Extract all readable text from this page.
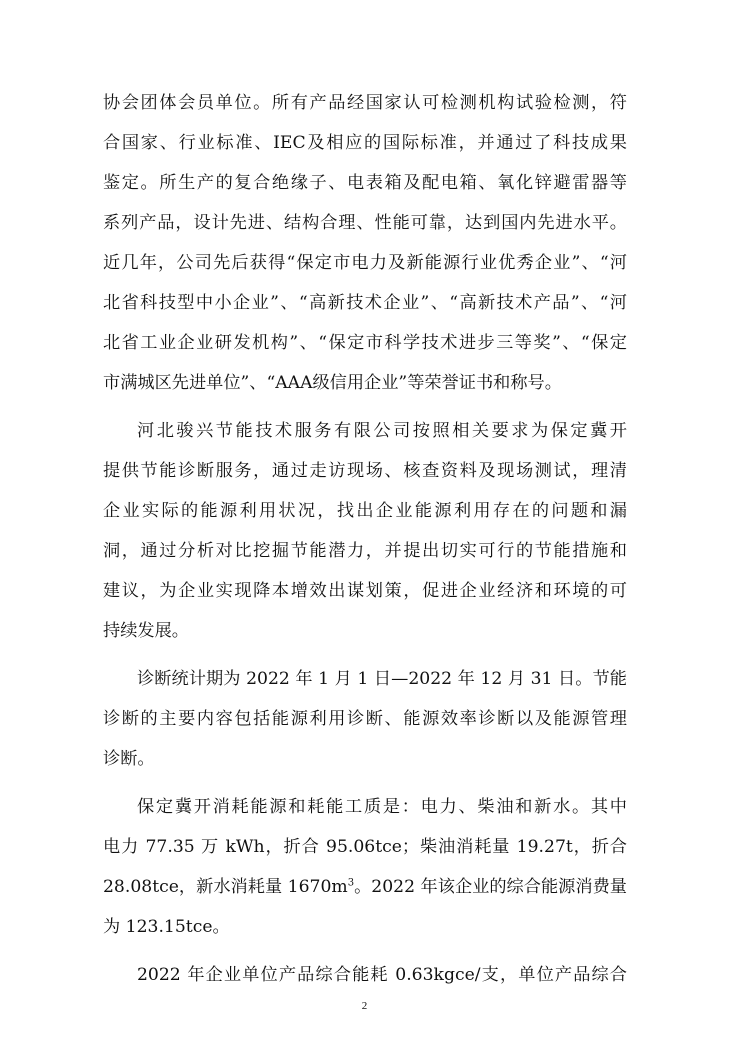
协会团体会员单位。所有产品经国家认可检测机构试验检测，符
合国家、行业标准、IEC及相应的国际标准，并通过了科技成果
鉴定。所生产的复合绝缘子、电表箱及配电箱、氧化锌避雷器等
系列产品，设计先进、结构合理、性能可靠，达到国内先进水平。
近几年，公司先后获得“保定市电力及新能源行业优秀企业”、“河
北省科技型中小企业”、“高新技术企业”、“高新技术产品”、“河
北省工业企业研发机构”、“保定市科学技术进步三等奖”、“保定
市满城区先进单位”、“AAA级信用企业”等荣誉证书和称号。
河北骏兴节能技术服务有限公司按照相关要求为保定冀开
提供节能诊断服务，通过走访现场、核查资料及现场测试，理清
企业实际的能源利用状况，找出企业能源利用存在的问题和漏
洞，通过分析对比挖掘节能潜力，并提出切实可行的节能措施和
建议，为企业实现降本增效出谋划策，促进企业经济和环境的可
持续发展。
诊断统计期为 2022 年 1 月 1 日—2022 年 12 月 31 日。节能
诊断的主要内容包括能源利用诊断、能源效率诊断以及能源管理
诊断。
保定冀开消耗能源和耗能工质是：电力、柴油和新水。其中
电力 77.35 万 kWh，折合 95.06tce；柴油消耗量 19.27t，折合
28.08tce，新水消耗量 $1670m^3$。2022 年该企业的综合能源消费量
为 123.15tce。
2022 年企业单位产品综合能耗 0.63kgce/支，单位产品综合
2
